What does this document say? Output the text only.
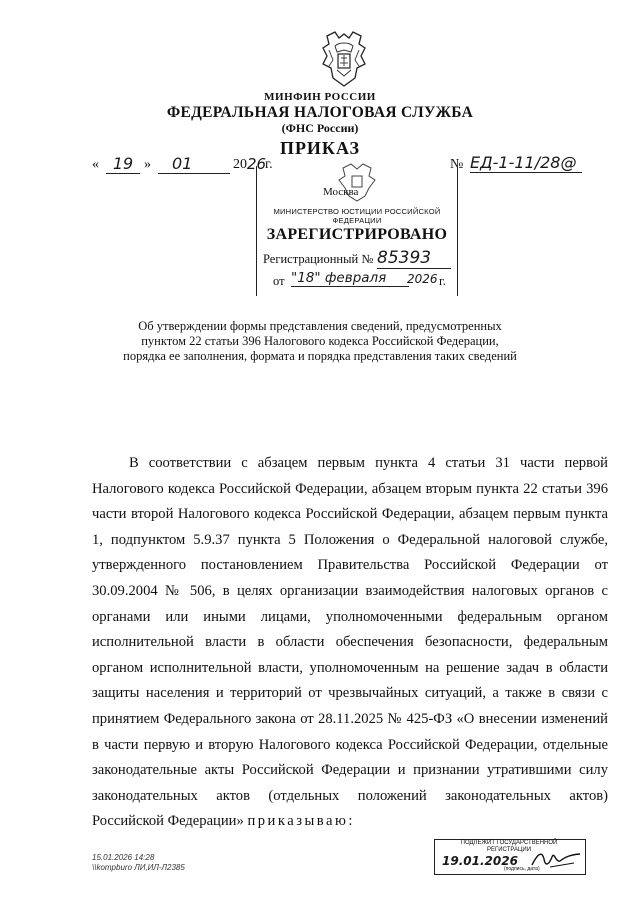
МИНФИН РОССИИ
ФЕДЕРАЛЬНАЯ НАЛОГОВАЯ СЛУЖБА
(ФНС России)
ПРИКАЗ
« 19 »	01	20 26
г.	№ ЕД-1-11/28@
Москва
МИНИСТЕРСТВО ЮСТИЦИИ РОССИЙСКОЙ ФЕДЕРАЦИИ
ЗАРЕГИСТРИРОВАНО
Регистрационный № 85393
от "18" февраля	2026 г.
Об утверждении формы представления сведений, предусмотренных
пунктом 22 статьи 396 Налогового кодекса Российской Федерации,
порядка ее заполнения, формата и порядка представления таких сведений

В соответствии с абзацем первым пункта 4 статьи 31 части первой Налогового кодекса Российской Федерации, абзацем вторым пункта 22 статьи 396 части второй Налогового кодекса Российской Федерации, абзацем первым пункта 1, подпунктом 5.9.37 пункта 5 Положения о Федеральной налоговой службе, утвержденного постановлением Правительства Российской Федерации от 30.09.2004 № 506, в целях организации взаимодействия налоговых органов с органами или иными лицами, уполномоченными федеральным органом исполнительной власти в области обеспечения безопасности, федеральным органом исполнительной власти, уполномоченным на решение задач в области защиты населения и территорий от чрезвычайных ситуаций, а также в связи с принятием Федерального закона от 28.11.2025 № 425-ФЗ «О внесении изменений в части первую и вторую Налогового кодекса Российской Федерации, отдельные законодательные акты Российской Федерации и признании утратившими силу законодательных актов (отдельных положений законодательных актов) Российской Федерации» приказываю:

15.01.2026 14:28
\\kompburo ЛИ,ИЛ-Л2385
ПОДЛЕЖИТ ГОСУДАРСТВЕННОЙ
РЕГИСТРАЦИИ
19.01.2026
(подпись, дата)
